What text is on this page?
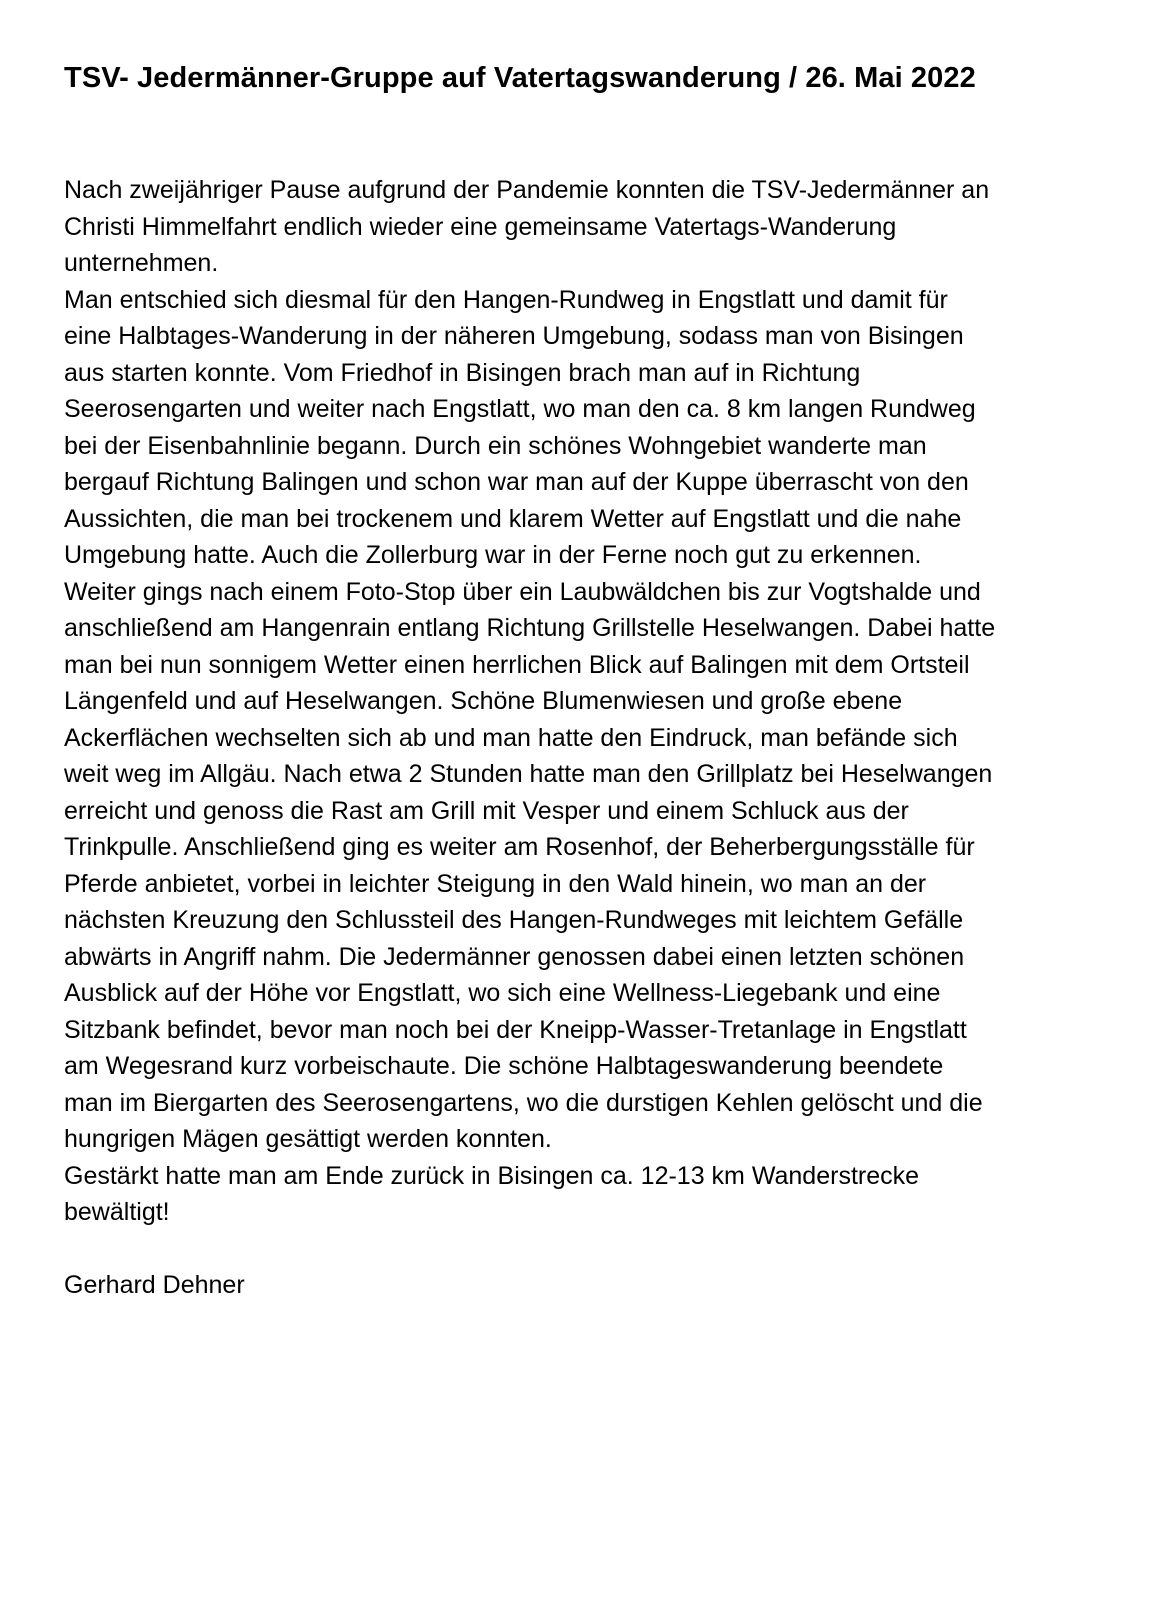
TSV- Jedermänner-Gruppe auf Vatertagswanderung / 26. Mai 2022

Nach zweijähriger Pause aufgrund der Pandemie konnten die TSV-Jedermänner an
Christi Himmelfahrt endlich wieder eine gemeinsame Vatertags-Wanderung
unternehmen.

Man entschied sich diesmal für den Hangen-Rundweg in Engstlatt und damit für
eine Halbtages-Wanderung in der näheren Umgebung, sodass man von Bisingen
aus starten konnte. Vom Friedhof in Bisingen brach man auf in Richtung
Seerosengarten und weiter nach Engstlatt, wo man den ca. 8 km langen Rundweg
bei der Eisenbahnlinie begann. Durch ein schönes Wohngebiet wanderte man
bergauf Richtung Balingen und schon war man auf der Kuppe überrascht von den
Aussichten, die man bei trockenem und klarem Wetter auf Engstlatt und die nahe
Umgebung hatte. Auch die Zollerburg war in der Ferne noch gut zu erkennen.
Weiter gings nach einem Foto-Stop über ein Laubwäldchen bis zur Vogtshalde und
anschließend am Hangenrain entlang Richtung Grillstelle Heselwangen. Dabei hatte
man bei nun sonnigem Wetter einen herrlichen Blick auf Balingen mit dem Ortsteil
Längenfeld und auf Heselwangen. Schöne Blumenwiesen und große ebene
Ackerflächen wechselten sich ab und man hatte den Eindruck, man befände sich
weit weg im Allgäu. Nach etwa 2 Stunden hatte man den Grillplatz bei Heselwangen
erreicht und genoss die Rast am Grill mit Vesper und einem Schluck aus der
Trinkpulle. Anschließend ging es weiter am Rosenhof, der Beherbergungsställe für
Pferde anbietet, vorbei in leichter Steigung in den Wald hinein, wo man an der
nächsten Kreuzung den Schlussteil des Hangen-Rundweges mit leichtem Gefälle
abwärts in Angriff nahm. Die Jedermänner genossen dabei einen letzten schönen
Ausblick auf der Höhe vor Engstlatt, wo sich eine Wellness-Liegebank und eine
Sitzbank befindet, bevor man noch bei der Kneipp-Wasser-Tretanlage in Engstlatt
am Wegesrand kurz vorbeischaute. Die schöne Halbtageswanderung beendete
man im Biergarten des Seerosengartens, wo die durstigen Kehlen gelöscht und die
hungrigen Mägen gesättigt werden konnten.

Gestärkt hatte man am Ende zurück in Bisingen ca. 12-13 km Wanderstrecke
bewältigt!

Gerhard Dehner
